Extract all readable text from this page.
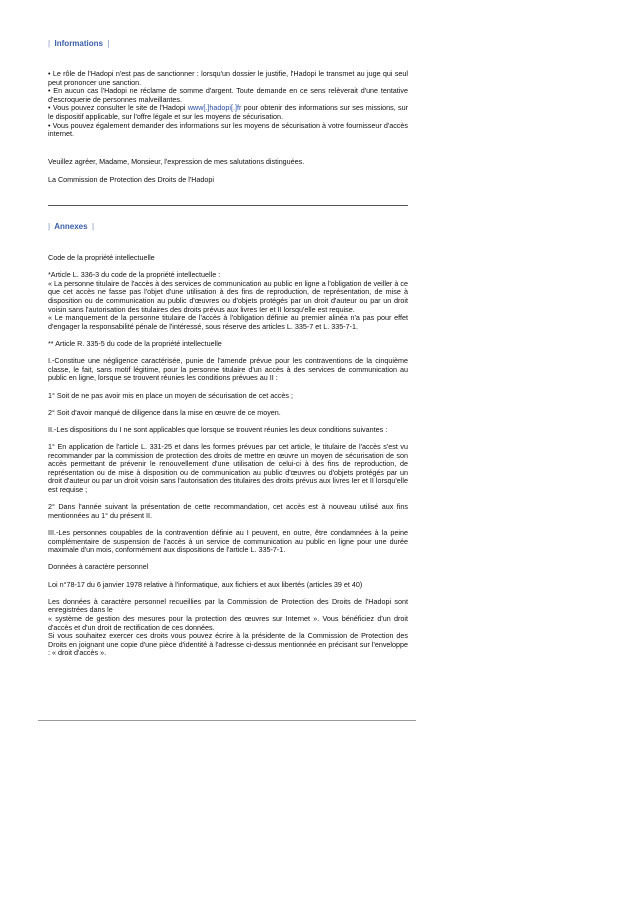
| Informations |

• Le rôle de l'Hadopi n'est pas de sanctionner : lorsqu'un dossier le justifie, l'Hadopi le transmet au juge qui seul peut prononcer une sanction.

• En aucun cas l'Hadopi ne réclame de somme d'argent. Toute demande en ce sens relèverait d'une tentative d'escroquerie de personnes malveillantes.

• Vous pouvez consulter le site de l'Hadopi www[.]hadopi[.]fr pour obtenir des informations sur ses missions, sur le dispositif applicable, sur l'offre légale et sur les moyens de sécurisation.

• Vous pouvez également demander des informations sur les moyens de sécurisation à votre fournisseur d'accès internet.

Veuillez agréer, Madame, Monsieur, l'expression de mes salutations distinguées.
La Commission de Protection des Droits de l'Hadopi
| Annexes |

Code de la propriété intellectuelle

*Article L. 336-3 du code de la propriété intellectuelle :

« La personne titulaire de l'accès à des services de communication au public en ligne a l'obligation de veiller à ce que cet accès ne fasse pas l'objet d'une utilisation à des fins de reproduction, de représentation, de mise à disposition ou de communication au public d'œuvres ou d'objets protégés par un droit d'auteur ou par un droit voisin sans l'autorisation des titulaires des droits prévus aux livres Ier et II lorsqu'elle est requise.

« Le manquement de la personne titulaire de l'accès à l'obligation définie au premier alinéa n'a pas pour effet d'engager la responsabilité pénale de l'intéressé, sous réserve des articles L. 335-7 et L. 335-7-1.

** Article R. 335-5 du code de la propriété intellectuelle

I.-Constitue une négligence caractérisée, punie de l'amende prévue pour les contraventions de la cinquième classe, le fait, sans motif légitime, pour la personne titulaire d'un accès à des services de communication au public en ligne, lorsque se trouvent réunies les conditions prévues au II :

1° Soit de ne pas avoir mis en place un moyen de sécurisation de cet accès ;

2° Soit d'avoir manqué de diligence dans la mise en œuvre de ce moyen.

II.-Les dispositions du I ne sont applicables que lorsque se trouvent réunies les deux conditions suivantes :

1° En application de l'article L. 331-25 et dans les formes prévues par cet article, le titulaire de l'accès s'est vu recommander par la commission de protection des droits de mettre en œuvre un moyen de sécurisation de son accès permettant de prévenir le renouvellement d'une utilisation de celui-ci à des fins de reproduction, de représentation ou de mise à disposition ou de communication au public d'œuvres ou d'objets protégés par un droit d'auteur ou par un droit voisin sans l'autorisation des titulaires des droits prévus aux livres Ier et II lorsqu'elle est requise ;

2° Dans l'année suivant la présentation de cette recommandation, cet accès est à nouveau utilisé aux fins mentionnées au 1° du présent II.

III.-Les personnes coupables de la contravention définie au I peuvent, en outre, être condamnées à la peine complémentaire de suspension de l'accès à un service de communication au public en ligne pour une durée maximale d'un mois, conformément aux dispositions de l'article L. 335-7-1.

Données à caractère personnel

Loi n°78-17 du 6 janvier 1978 relative à l'informatique, aux fichiers et aux libertés (articles 39 et 40)

Les données à caractère personnel recueillies par la Commission de Protection des Droits de l'Hadopi sont enregistrées dans le

« système de gestion des mesures pour la protection des œuvres sur Internet ». Vous bénéficiez d'un droit d'accès et d'un droit de rectification de ces données.

Si vous souhaitez exercer ces droits vous pouvez écrire à la présidente de la Commission de Protection des Droits en joignant une copie d'une pièce d'identité à l'adresse ci-dessus mentionnée en précisant sur l'enveloppe : « droit d'accès ».
